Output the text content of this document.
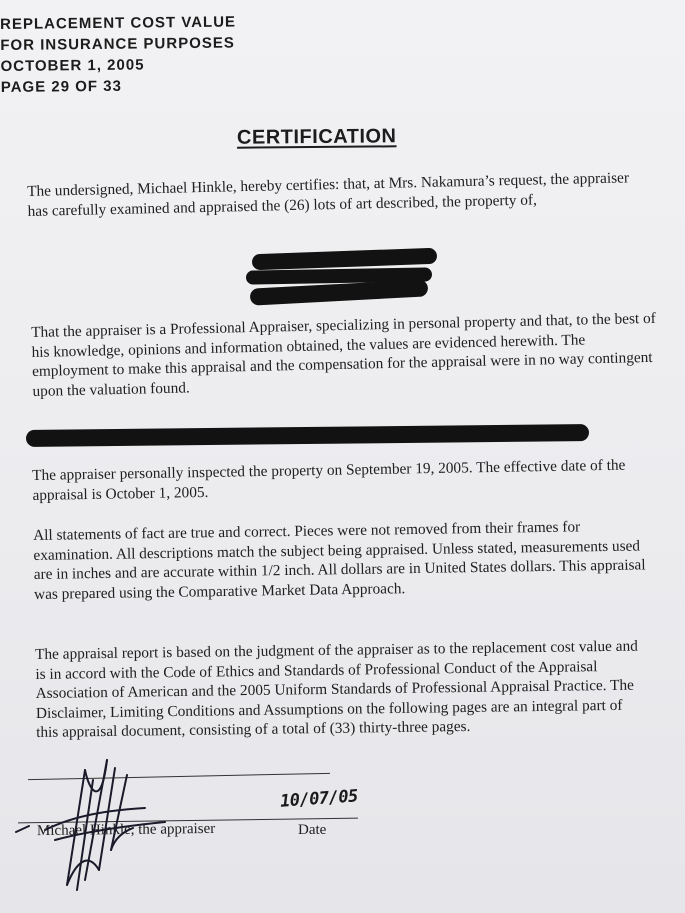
REPLACEMENT COST VALUE
FOR INSURANCE PURPOSES
OCTOBER 1, 2005
PAGE 29 OF 33
CERTIFICATION

The undersigned, Michael Hinkle, hereby certifies: that, at Mrs. Nakamura’s request, the appraiser has carefully examined and appraised the (26) lots of art described, the property of,

That the appraiser is a Professional Appraiser, specializing in personal property and that, to the best of his knowledge, opinions and information obtained, the values are evidenced herewith. The employment to make this appraisal and the compensation for the appraisal were in no way contingent upon the valuation found.

The appraiser personally inspected the property on September 19, 2005. The effective date of the appraisal is October 1, 2005.

All statements of fact are true and correct. Pieces were not removed from their frames for examination. All descriptions match the subject being appraised. Unless stated, measurements used are in inches and are accurate within 1/2 inch. All dollars are in United States dollars. This appraisal was prepared using the Comparative Market Data Approach.

The appraisal report is based on the judgment of the appraiser as to the replacement cost value and is in accord with the Code of Ethics and Standards of Professional Conduct of the Appraisal Association of American and the 2005 Uniform Standards of Professional Appraisal Practice. The Disclaimer, Limiting Conditions and Assumptions on the following pages are an integral part of this appraisal document, consisting of a total of (33) thirty-three pages.

10/07/05
Michael Hinkle, the appraiser	Date
